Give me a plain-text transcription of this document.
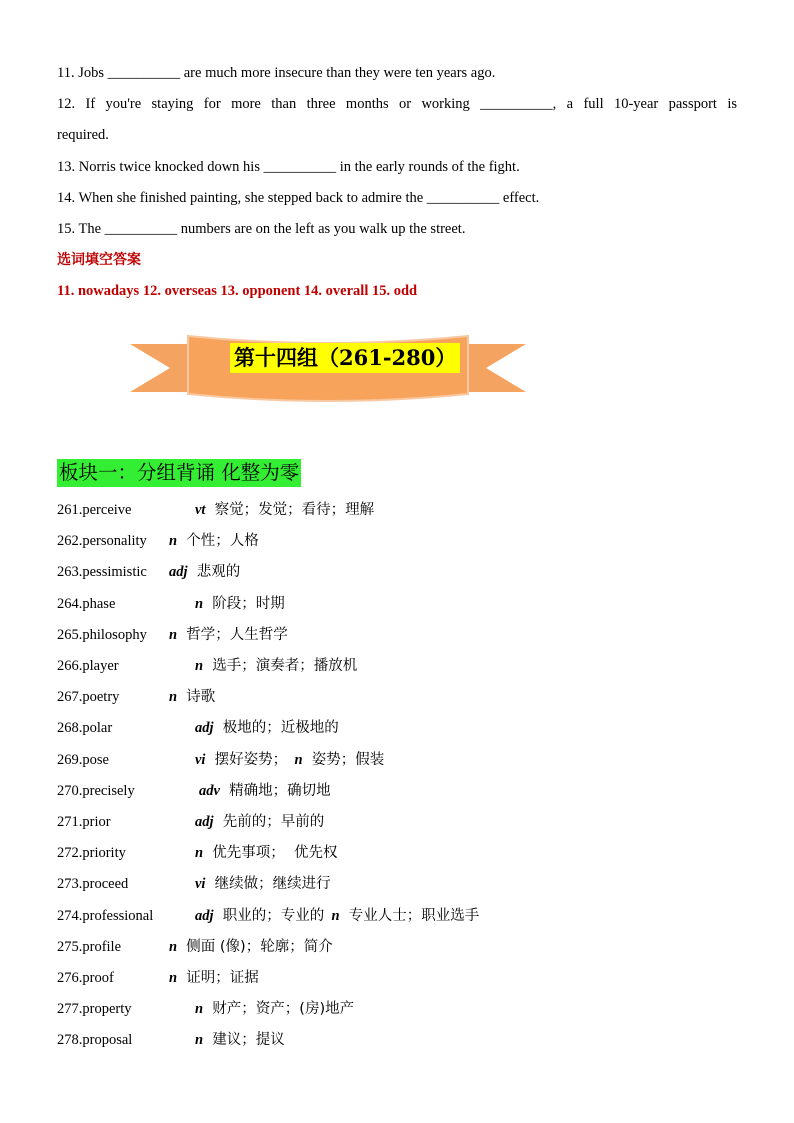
11. Jobs __________ are much more insecure than they were ten years ago.
12. If you're staying for more than three months or working __________, a full 10-year passport is
required.
13. Norris twice knocked down his __________ in the early rounds of the fight.
14. When she finished painting, she stepped back to admire the __________ effect.
15. The __________ numbers are on the left as you walk up the street.
选词填空答案
11. nowadays 12. overseas 13. opponent 14. overall 15. odd
第十四组（261-280）
板块一：分组背诵 化整为零
261.perceive	vt  察觉；发觉；看待；理解
262.personality n  个性；人格
263.pessimistic adj  悲观的
264.phase	n  阶段；时期
265.philosophy n  哲学；人生哲学
266.player	n  选手；演奏者；播放机
267.poetry	n  诗歌
268.polar	adj  极地的；近极地的
269.pose	vi  摆好姿势；  n  姿势；假装
270.precisely	adv  精确地；确切地
271.prior	adj  先前的；早前的
272.priority	n  优先事项；  优先权
273.proceed	vi  继续做；继续进行
274.professional	adj  职业的；专业的  n  专业人士；职业选手
275.profile	n  侧面 (像)；轮廓；简介
276.proof	n  证明；证据
277.property	n  财产；资产；(房)地产
278.proposal	n  建议；提议
